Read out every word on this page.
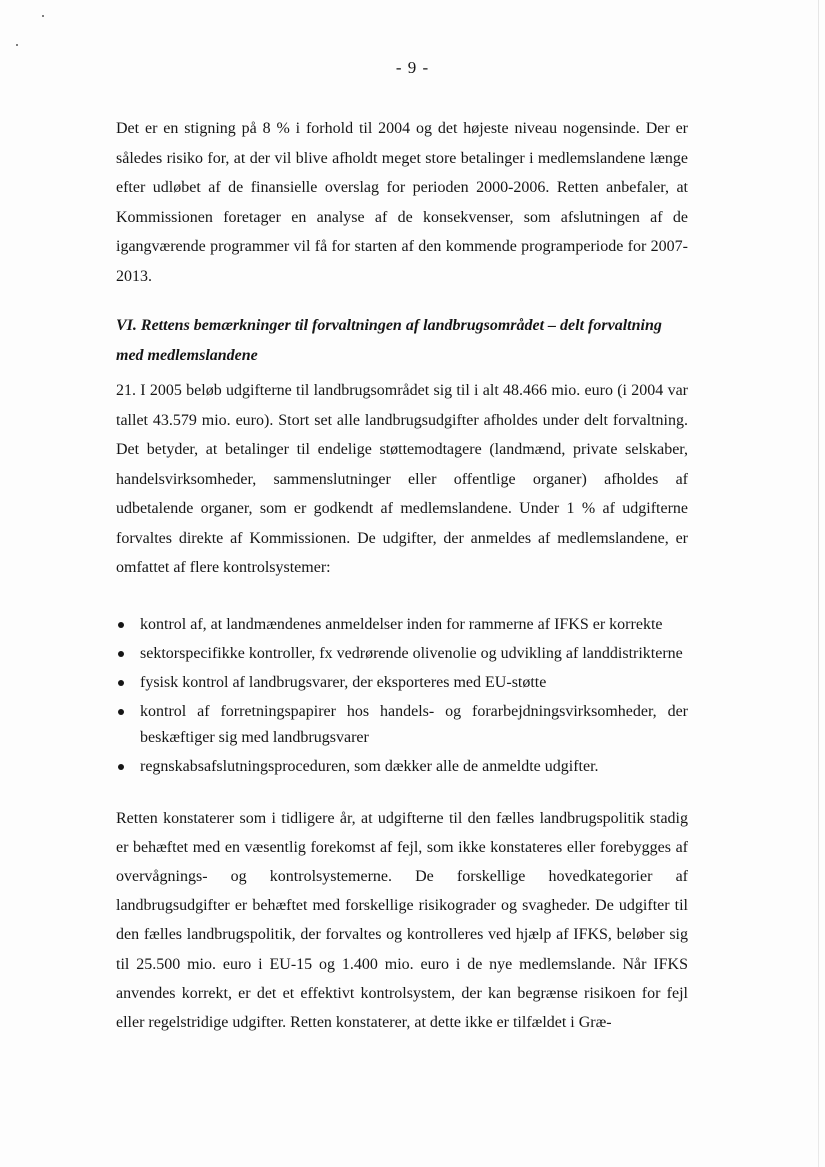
- 9 -

Det er en stigning på 8 % i forhold til 2004 og det højeste niveau nogensinde. Der er således risiko for, at der vil blive afholdt meget store betalinger i medlemslandene længe efter udløbet af de finansielle overslag for perioden 2000-2006. Retten anbefaler, at Kommissionen foretager en analyse af de konsekvenser, som afslutningen af de igangværende programmer vil få for starten af den kommende programperiode for 2007-2013.

VI. Rettens bemærkninger til forvaltningen af landbrugsområdet – delt forvaltning med medlemslandene

21. I 2005 beløb udgifterne til landbrugsområdet sig til i alt 48.466 mio. euro (i 2004 var tallet 43.579 mio. euro). Stort set alle landbrugsudgifter afholdes under delt forvaltning. Det betyder, at betalinger til endelige støttemodtagere (landmænd, private selskaber, handelsvirksomheder, sammenslutninger eller offentlige organer) afholdes af udbetalende organer, som er godkendt af medlemslandene. Under 1 % af udgifterne forvaltes direkte af Kommissionen. De udgifter, der anmeldes af medlemslandene, er omfattet af flere kontrolsystemer:

kontrol af, at landmændenes anmeldelser inden for rammerne af IFKS er korrekte
sektorspecifikke kontroller, fx vedrørende olivenolie og udvikling af landdistrikterne
fysisk kontrol af landbrugsvarer, der eksporteres med EU-støtte
kontrol af forretningspapirer hos handels- og forarbejdningsvirksomheder, der beskæftiger sig med landbrugsvarer
regnskabsafslutningsproceduren, som dækker alle de anmeldte udgifter.

Retten konstaterer som i tidligere år, at udgifterne til den fælles landbrugspolitik stadig er behæftet med en væsentlig forekomst af fejl, som ikke konstateres eller forebygges af overvågnings- og kontrolsystemerne. De forskellige hovedkategorier af landbrugsudgifter er behæftet med forskellige risikograder og svagheder. De udgifter til den fælles landbrugspolitik, der forvaltes og kontrolleres ved hjælp af IFKS, beløber sig til 25.500 mio. euro i EU-15 og 1.400 mio. euro i de nye medlemslande. Når IFKS anvendes korrekt, er det et effektivt kontrolsystem, der kan begrænse risikoen for fejl eller regelstridige udgifter. Retten konstaterer, at dette ikke er tilfældet i Græ-
